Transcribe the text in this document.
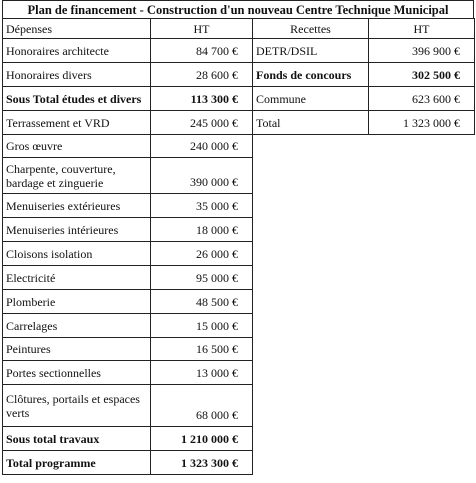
Plan de financement - Construction d'un nouveau Centre Technique Municipal
Dépenses	HT	Recettes	HT
Honoraires architecte	84 700 €	DETR/DSIL	396 900 €
Honoraires divers	28 600 €	Fonds de concours	302 500 €
Sous Total études et divers	113 300 €	Commune	623 600 €
Terrassement et VRD	245 000 €	Total	1 323 000 €
Gros œuvre	240 000 €		
Charpente, couverture, bardage et zinguerie	390 000 €		
Menuiseries extérieures	35 000 €		
Menuiseries intérieures	18 000 €		
Cloisons isolation	26 000 €		
Electricité	95 000 €		
Plomberie	48 500 €		
Carrelages	15 000 €		
Peintures	16 500 €		
Portes sectionnelles	13 000 €		
Clôtures, portails et espaces verts	68 000 €		
Sous total travaux	1 210 000 €		
Total programme	1 323 300 €		
